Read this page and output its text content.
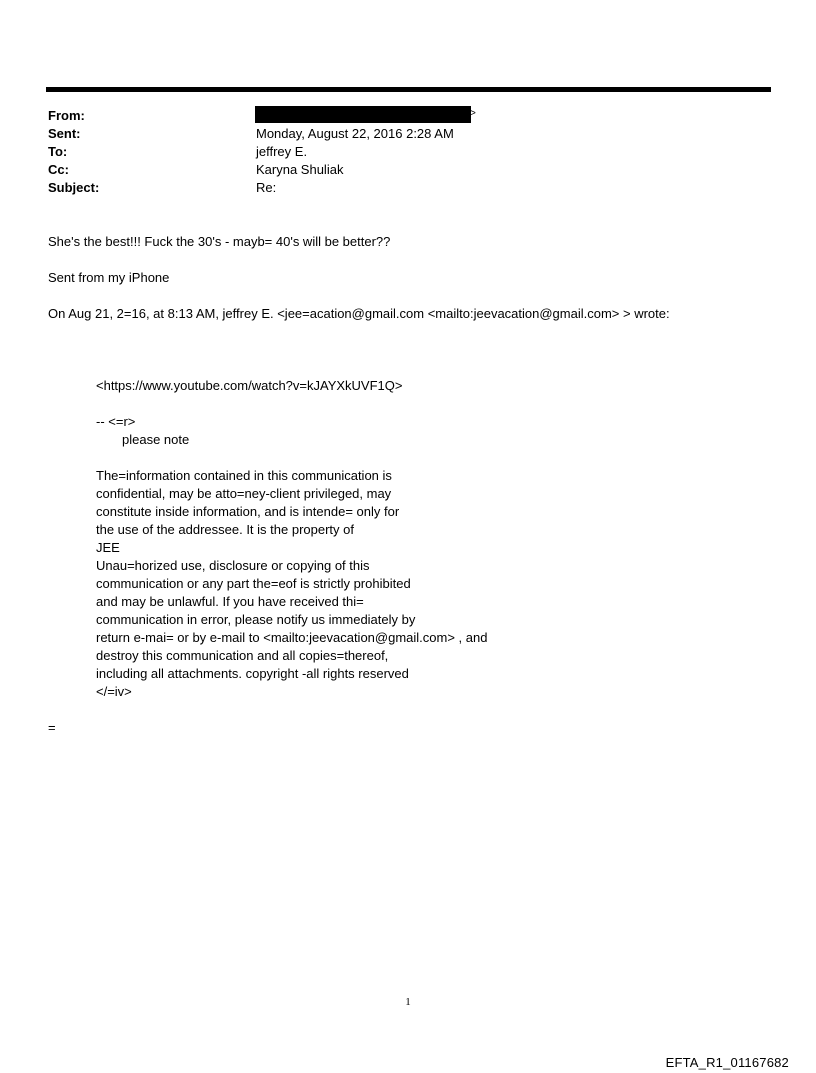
From:	>
Sent:	Monday, August 22, 2016 2:28 AM
To:	jeffrey E.
Cc:	Karyna Shuliak
Subject:	Re:
She's the best!!! Fuck the 30's - mayb= 40's will be better??
Sent from my iPhone
On Aug 21, 2=16, at 8:13 AM, jeffrey E. <jee=acation@gmail.com <mailto:jeevacation@gmail.com> > wrote:
<https://www.youtube.com/watch?v=kJAYXkUVF1Q>
-- <=r>
please note
The=information contained in this communication is
confidential, may be atto=ney-client privileged, may
constitute inside information, and is intende= only for
the use of the addressee. It is the property of
JEE
Unau=horized use, disclosure or copying of this
communication or any part the=eof is strictly prohibited
and may be unlawful. If you have received thi=
communication in error, please notify us immediately by
return e-mai= or by e-mail to <mailto:jeevacation@gmail.com> , and
destroy this communication and all copies=thereof,
including all attachments. copyright -all rights reserved
</=iv>
=
1
EFTA_R1_01167682
